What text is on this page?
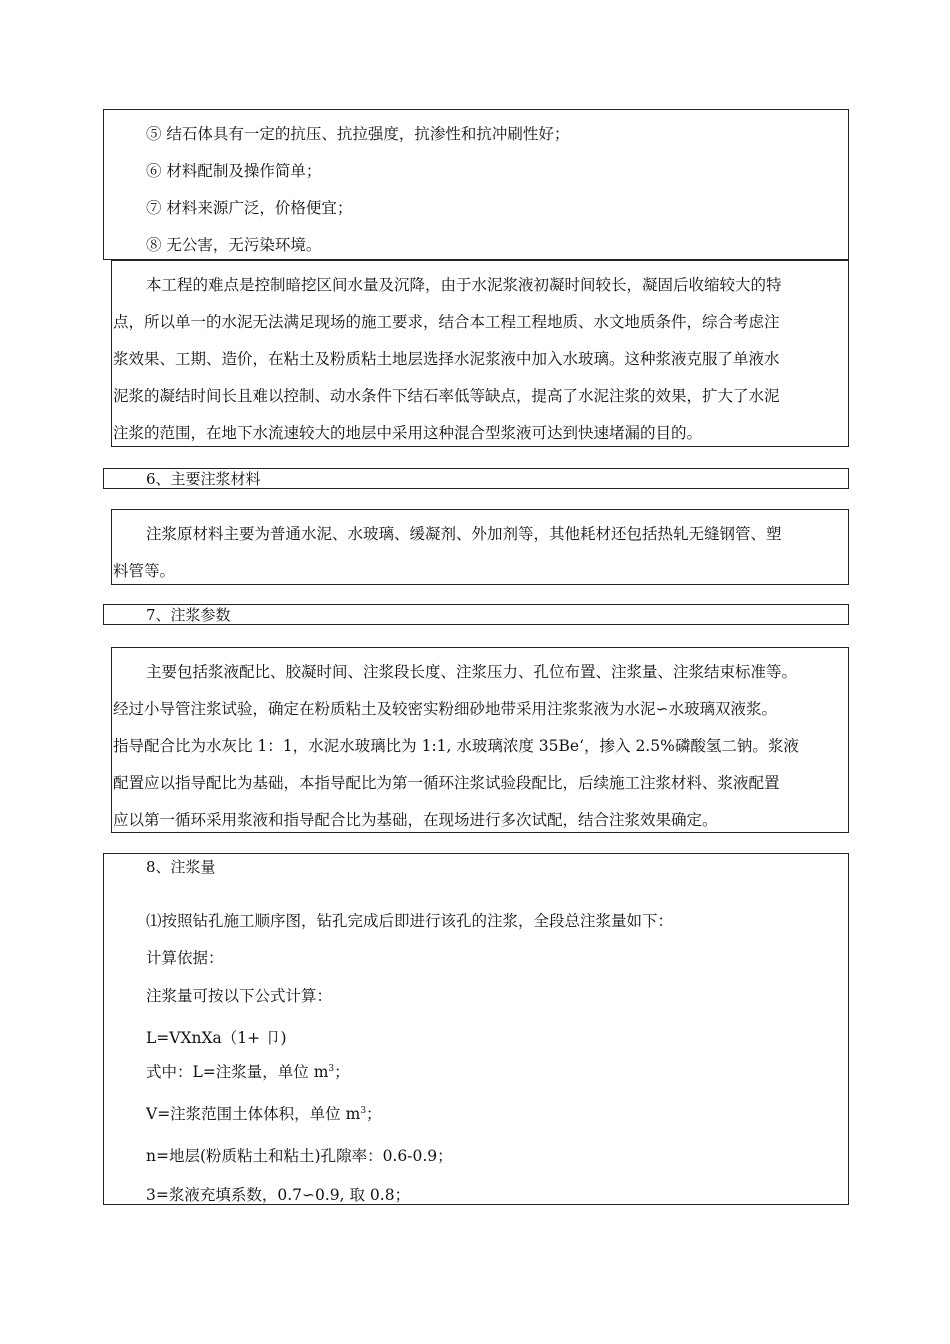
⑤ 结石体具有一定的抗压、抗拉强度，抗渗性和抗冲刷性好；
⑥ 材料配制及操作简单；
⑦ 材料来源广泛，价格便宜；
⑧ 无公害，无污染环境。
本工程的难点是控制暗挖区间水量及沉降，由于水泥浆液初凝时间较长，凝固后收缩较大的特
点，所以单一的水泥无法满足现场的施工要求，结合本工程工程地质、水文地质条件，综合考虑注
浆效果、工期、造价，在粘土及粉质粘土地层选择水泥浆液中加入水玻璃。这种浆液克服了单液水
泥浆的凝结时间长且难以控制、动水条件下结石率低等缺点，提高了水泥注浆的效果，扩大了水泥
注浆的范围，在地下水流速较大的地层中采用这种混合型浆液可达到快速堵漏的目的。
6、主要注浆材料
注浆原材料主要为普通水泥、水玻璃、缓凝剂、外加剂等，其他耗材还包括热轧无缝钢管、塑
料管等。
7、注浆参数
主要包括浆液配比、胶凝时间、注浆段长度、注浆压力、孔位布置、注浆量、注浆结束标准等。
经过小导管注浆试验，确定在粉质粘土及较密实粉细砂地带采用注浆浆液为水泥∽水玻璃双液浆。
指导配合比为水灰比 1：1，水泥水玻璃比为 1:1, 水玻璃浓度 35Be‘，掺入 2.5%磷酸氢二钠。浆液
配置应以指导配比为基础，本指导配比为第一循环注浆试验段配比，后续施工注浆材料、浆液配置
应以第一循环采用浆液和指导配合比为基础，在现场进行多次试配，结合注浆效果确定。
8、注浆量
⑴按照钻孔施工顺序图，钻孔完成后即进行该孔的注浆，全段总注浆量如下：
计算依据：
注浆量可按以下公式计算：
L=VXnXa（1+ 卩)
式中：L=注浆量，单位 $m^3$；
V=注浆范围土体体积，单位 $m^3$；
n=地层(粉质粘土和粘土)孔隙率：0.6-0.9；
3=浆液充填系数，0.7∽0.9, 取 0.8；
